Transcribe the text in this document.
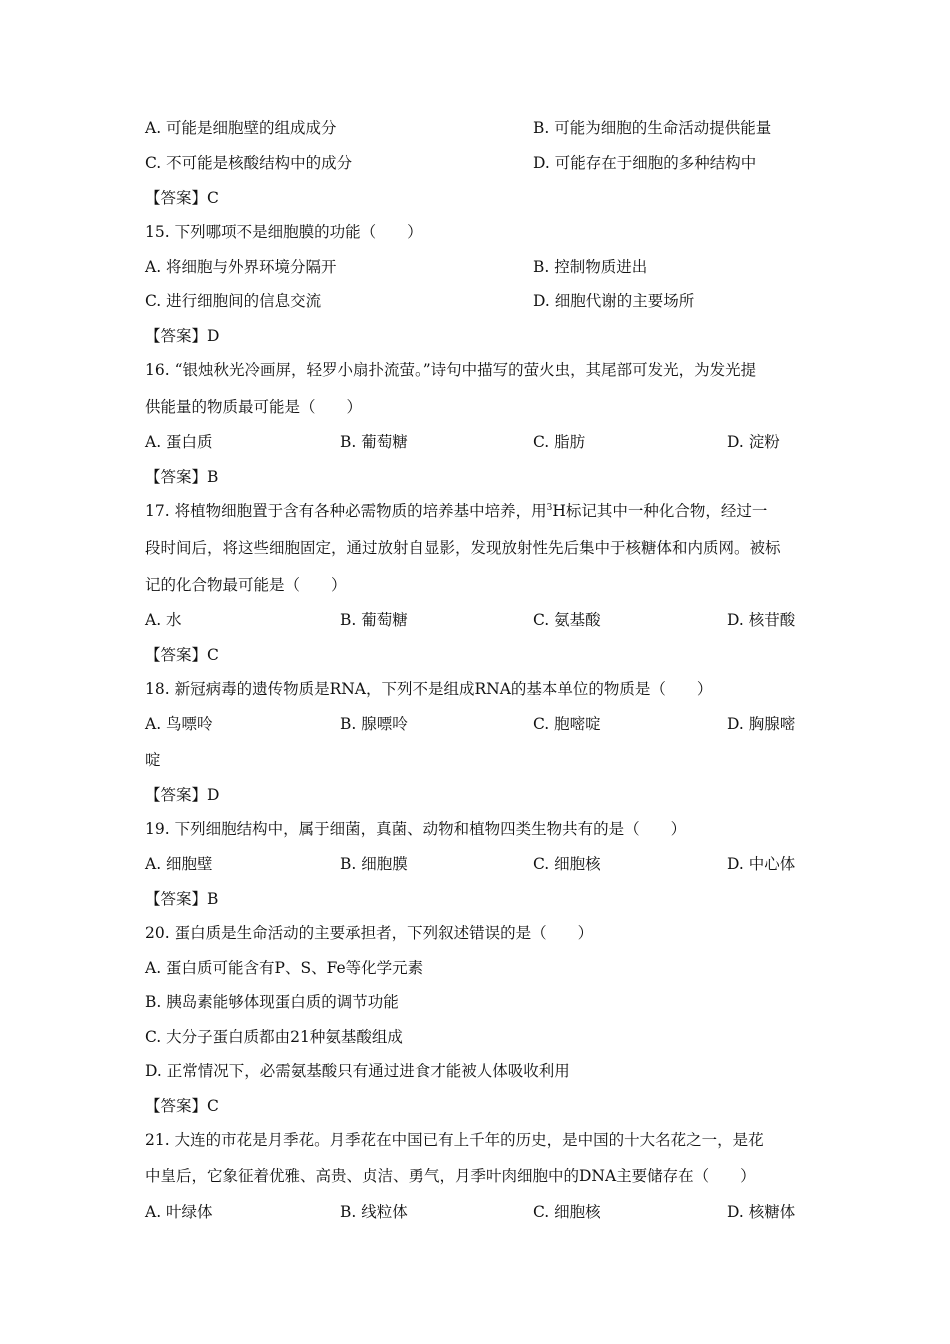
A. 可能是细胞壁的组成成分	B. 可能为细胞的生命活动提供能量
C. 不可能是核酸结构中的成分	D. 可能存在于细胞的多种结构中
【答案】C
15. 下列哪项不是细胞膜的功能（　　）
A. 将细胞与外界环境分隔开	B. 控制物质进出
C. 进行细胞间的信息交流	D. 细胞代谢的主要场所
【答案】D
16. “银烛秋光冷画屏，轻罗小扇扑流萤。”诗句中描写的萤火虫，其尾部可发光，为发光提
供能量的物质最可能是（　　）
A. 蛋白质	B. 葡萄糖	C. 脂肪	D. 淀粉
【答案】B
17. 将植物细胞置于含有各种必需物质的培养基中培养，用$^3$H标记其中一种化合物，经过一
段时间后，将这些细胞固定，通过放射自显影，发现放射性先后集中于核糖体和内质网。被标
记的化合物最可能是（　　）
A. 水	B. 葡萄糖	C. 氨基酸	D. 核苷酸
【答案】C
18. 新冠病毒的遗传物质是RNA，下列不是组成RNA的基本单位的物质是（　　）
A. 鸟嘌呤	B. 腺嘌呤	C. 胞嘧啶	D. 胸腺嘧
啶
【答案】D
19. 下列细胞结构中，属于细菌，真菌、动物和植物四类生物共有的是（　　）
A. 细胞壁	B. 细胞膜	C. 细胞核	D. 中心体
【答案】B
20. 蛋白质是生命活动的主要承担者，下列叙述错误的是（　　）
A. 蛋白质可能含有P、S、Fe等化学元素
B. 胰岛素能够体现蛋白质的调节功能
C. 大分子蛋白质都由21种氨基酸组成
D. 正常情况下，必需氨基酸只有通过进食才能被人体吸收利用
【答案】C
21. 大连的市花是月季花。月季花在中国已有上千年的历史，是中国的十大名花之一，是花
中皇后，它象征着优雅、高贵、贞洁、勇气，月季叶肉细胞中的DNA主要储存在（　　）
A. 叶绿体	B. 线粒体	C. 细胞核	D. 核糖体
